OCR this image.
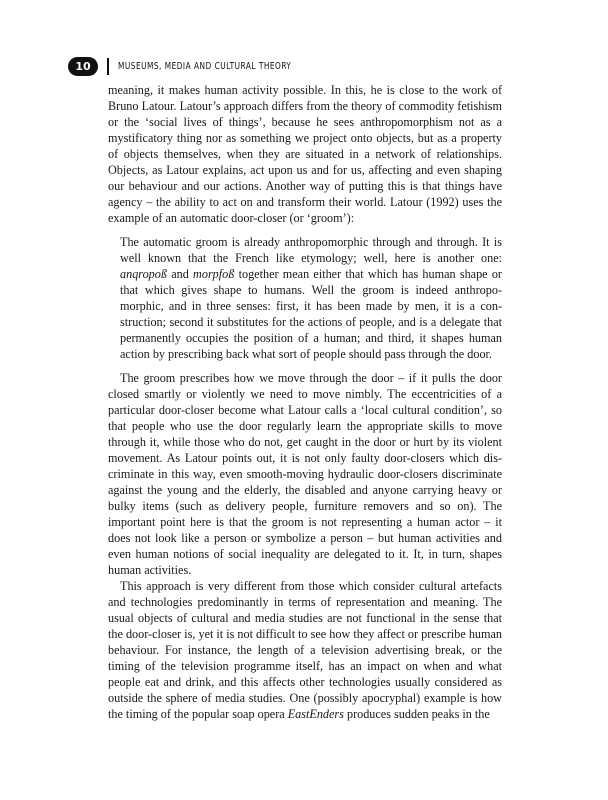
10	MUSEUMS, MEDIA AND CULTURAL THEORY

meaning, it makes human activity possible. In this, he is close to the work of Bruno Latour. Latour’s approach differs from the theory of commodity fetishism or the ‘social lives of things’, because he sees anthropomorphism not as a mystificatory thing nor as something we project onto objects, but as a property of objects themselves, when they are situated in a network of relationships. Objects, as Latour explains, act upon us and for us, affecting and even shaping our behaviour and our actions. Another way of putting this is that things have agency – the ability to act on and transform their world. Latour (1992) uses the example of an automatic door-closer (or ‘groom’):

The automatic groom is already anthropomorphic through and through. It is well known that the French like etymology; well, here is another one: anqropoß and morpfoß together mean either that which has human shape or that which gives shape to humans. Well the groom is indeed anthropomorphic, and in three senses: first, it has been made by men, it is a construction; second it substitutes for the actions of people, and is a delegate that permanently occupies the position of a human; and third, it shapes human action by prescribing back what sort of people should pass through the door.

The groom prescribes how we move through the door – if it pulls the door closed smartly or violently we need to move nimbly. The eccentricities of a particular door-closer become what Latour calls a ‘local cultural condition’, so that people who use the door regularly learn the appropriate skills to move through it, while those who do not, get caught in the door or hurt by its violent movement. As Latour points out, it is not only faulty door-closers which discriminate in this way, even smooth-moving hydraulic door-closers discriminate against the young and the elderly, the disabled and anyone carrying heavy or bulky items (such as delivery people, furniture removers and so on). The important point here is that the groom is not representing a human actor – it does not look like a person or symbolize a person – but human activities and even human notions of social inequality are delegated to it. It, in turn, shapes human activities.

This approach is very different from those which consider cultural artefacts and technologies predominantly in terms of representation and meaning. The usual objects of cultural and media studies are not functional in the sense that the door-closer is, yet it is not difficult to see how they affect or prescribe human behaviour. For instance, the length of a television advertising break, or the timing of the television programme itself, has an impact on when and what people eat and drink, and this affects other technologies usually considered as outside the sphere of media studies. One (possibly apocryphal) example is how the timing of the popular soap opera EastEnders produces sudden peaks in the
